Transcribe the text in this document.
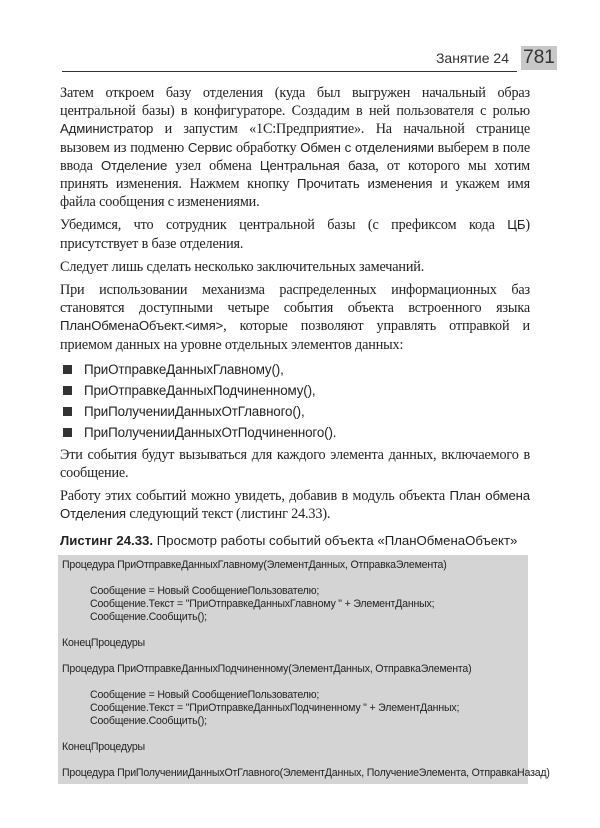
Занятие 24 781

Затем откроем базу отделения (куда был выгружен начальный образ центральной базы) в конфигураторе. Создадим в ней пользователя с ролью Администратор и запустим «1С:Предприятие». На начальной странице вызовем из подменю Сервис обработку Обмен с отделениями выберем в поле ввода Отделение узел обмена Центральная база, от которого мы хотим принять изменения. Нажмем кнопку Прочитать изменения и укажем имя файла сообщения с изменениями.

Убедимся, что сотрудник центральной базы (с префиксом кода ЦБ) присутствует в базе отделения.

Следует лишь сделать несколько заключительных замечаний.

При использовании механизма распределенных информационных баз становятся доступными четыре события объекта встроенного языка ПланОбменаОбъект.<имя>, которые позволяют управлять отправкой и приемом данных на уровне отдельных элементов данных:

ПриОтправкеДанныхГлавному(),
ПриОтправкеДанныхПодчиненному(),
ПриПолученииДанныхОтГлавного(),
ПриПолученииДанныхОтПодчиненного().

Эти события будут вызываться для каждого элемента данных, включаемого в сообщение.

Работу этих событий можно увидеть, добавив в модуль объекта План обмена Отделения следующий текст (листинг 24.33).

Листинг 24.33. Просмотр работы событий объекта «ПланОбменаОбъект»
Процедура ПриОтправкеДанныхГлавному(ЭлементДанных, ОтправкаЭлемента)
Сообщение = Новый СообщениеПользователю;
Сообщение.Текст = "ПриОтправкеДанныхГлавному " + ЭлементДанных;
Сообщение.Сообщить();
КонецПроцедуры
Процедура ПриОтправкеДанныхПодчиненному(ЭлементДанных, ОтправкаЭлемента)
Сообщение = Новый СообщениеПользователю;
Сообщение.Текст = "ПриОтправкеДанныхПодчиненному " + ЭлементДанных;
Сообщение.Сообщить();
КонецПроцедуры
Процедура ПриПолученииДанныхОтГлавного(ЭлементДанных, ПолучениеЭлемента, ОтправкаНазад)
